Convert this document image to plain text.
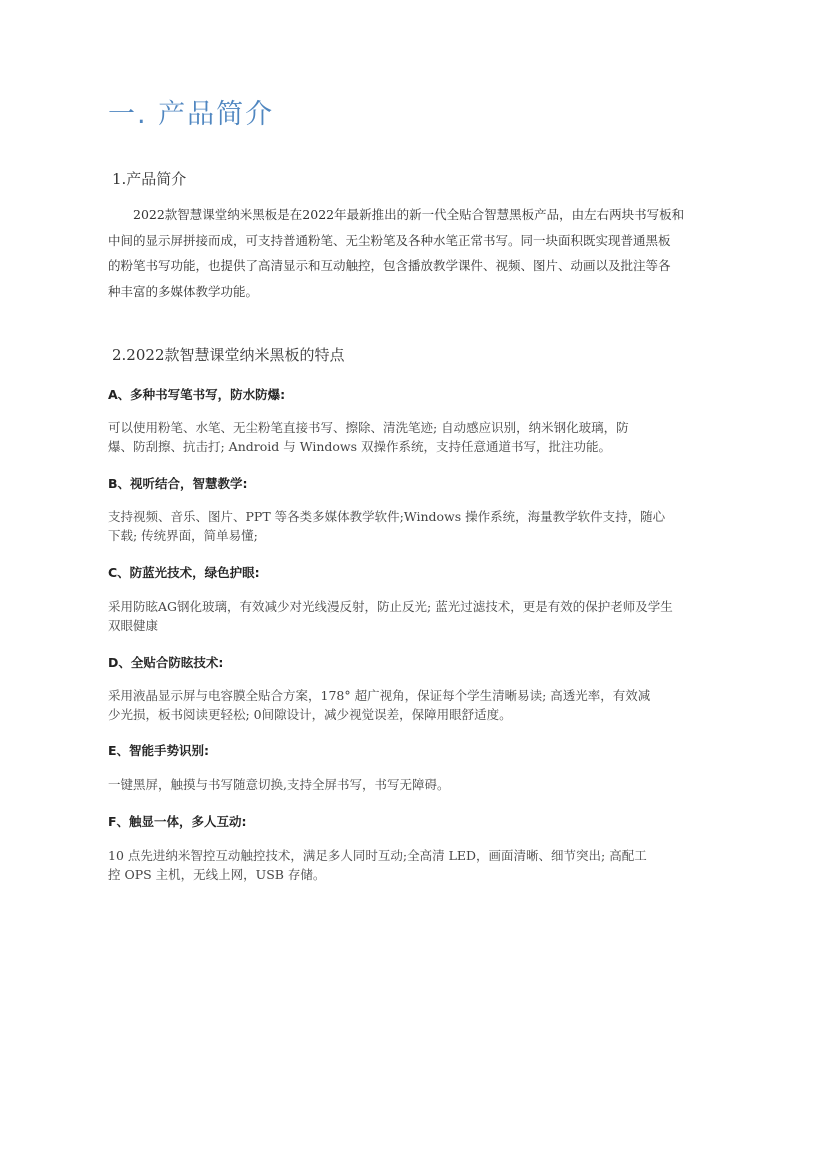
一. 产品简介
1.产品简介
2022款智慧课堂纳米黑板是在2022年最新推出的新一代全贴合智慧黑板产品，由左右两块书写板和
中间的显示屏拼接而成，可支持普通粉笔、无尘粉笔及各种水笔正常书写。同一块面积既实现普通黑板
的粉笔书写功能，也提供了高清显示和互动触控，包含播放教学课件、视频、图片、动画以及批注等各
种丰富的多媒体教学功能。
2.2022款智慧课堂纳米黑板的特点
A、多种书写笔书写，防水防爆:
可以使用粉笔、水笔、无尘粉笔直接书写、擦除、清洗笔迹; 自动感应识别，纳米钢化玻璃，防
爆、防刮擦、抗击打; Android 与 Windows 双操作系统，支持任意通道书写，批注功能。
B、视听结合，智慧教学:
支持视频、音乐、图片、PPT 等各类多媒体教学软件;Windows 操作系统，海量教学软件支持，随心
下载; 传统界面，简单易懂;
C、防蓝光技术，绿色护眼:
采用防眩AG钢化玻璃，有效减少对光线漫反射，防止反光; 蓝光过滤技术，更是有效的保护老师及学生
双眼健康
D、全贴合防眩技术:
采用液晶显示屏与电容膜全贴合方案，178° 超广视角，保证每个学生清晰易读; 高透光率，有效减
少光损，板书阅读更轻松; 0间隙设计，减少视觉误差，保障用眼舒适度。
E、智能手势识别:
一键黑屏，触摸与书写随意切换,支持全屏书写，书写无障碍。
F、触显一体，多人互动:
10 点先进纳米智控互动触控技术，满足多人同时互动;全高清 LED，画面清晰、细节突出; 高配工
控 OPS 主机，无线上网，USB 存储。
